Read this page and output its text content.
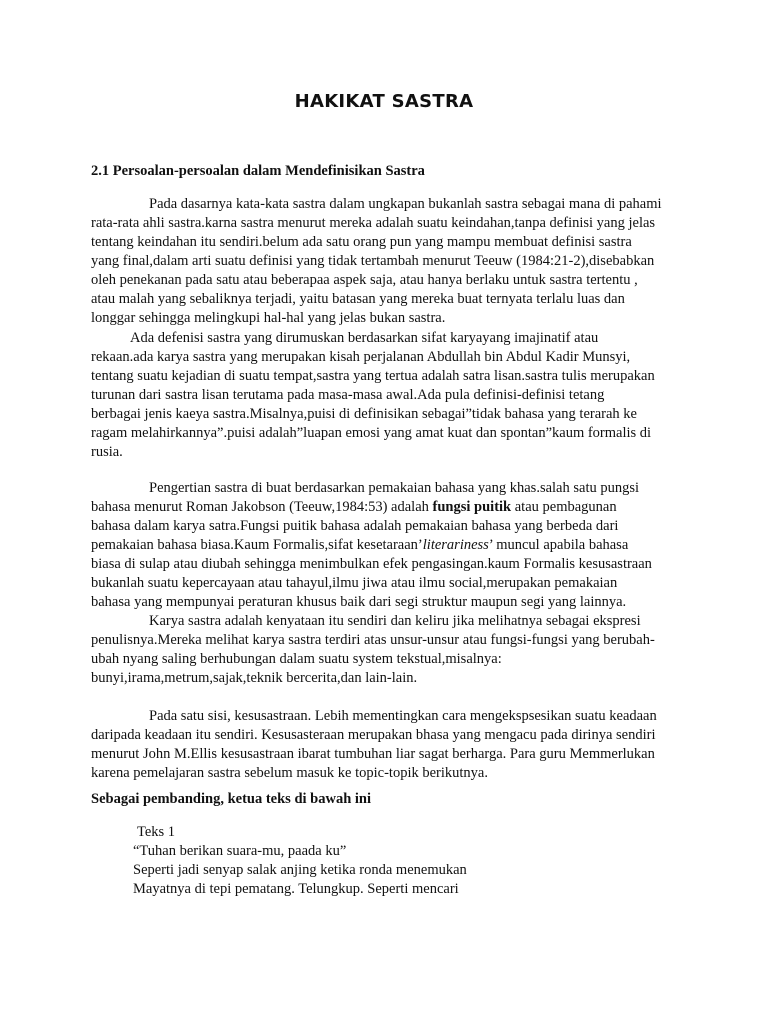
HAKIKAT SASTRA
2.1 Persoalan-persoalan dalam Mendefinisikan Sastra
Pada dasarnya kata-kata sastra dalam ungkapan bukanlah sastra sebagai mana di pahami
rata-rata ahli sastra.karna sastra menurut mereka adalah suatu keindahan,tanpa definisi yang jelas
tentang keindahan itu sendiri.belum ada satu orang pun yang mampu membuat definisi sastra
yang final,dalam arti suatu definisi yang tidak tertambah menurut Teeuw (1984:21-2),disebabkan
oleh penekanan pada satu atau beberapaa aspek saja, atau hanya berlaku untuk sastra tertentu ,
atau malah yang sebaliknya terjadi, yaitu batasan yang mereka buat ternyata terlalu luas dan
longgar sehingga melingkupi hal-hal yang jelas bukan sastra.
Ada defenisi sastra yang dirumuskan berdasarkan sifat karyayang imajinatif atau
rekaan.ada karya sastra yang merupakan kisah perjalanan Abdullah bin Abdul Kadir Munsyi,
tentang suatu kejadian di suatu tempat,sastra yang tertua adalah satra lisan.sastra tulis merupakan
turunan dari sastra lisan terutama pada masa-masa awal.Ada pula definisi-definisi tetang
berbagai jenis kaeya sastra.Misalnya,puisi di definisikan sebagai”tidak bahasa yang terarah ke
ragam melahirkannya”.puisi adalah”luapan emosi yang amat kuat dan spontan”kaum formalis di
rusia.
Pengertian sastra di buat berdasarkan pemakaian bahasa yang khas.salah satu pungsi
bahasa menurut Roman Jakobson (Teeuw,1984:53) adalah fungsi puitik atau pembagunan
bahasa dalam karya satra.Fungsi puitik bahasa adalah pemakaian bahasa yang berbeda dari
pemakaian bahasa biasa.Kaum Formalis,sifat kesetaraan’literariness’ muncul apabila bahasa
biasa di sulap atau diubah sehingga menimbulkan efek pengasingan.kaum Formalis kesusastraan
bukanlah suatu kepercayaan atau tahayul,ilmu jiwa atau ilmu social,merupakan pemakaian
bahasa yang mempunyai peraturan khusus baik dari segi struktur maupun segi yang lainnya.
Karya sastra adalah kenyataan itu sendiri dan keliru jika melihatnya sebagai ekspresi
penulisnya.Mereka melihat karya sastra terdiri atas unsur-unsur atau fungsi-fungsi yang berubah-
ubah nyang saling berhubungan dalam suatu system tekstual,misalnya:
bunyi,irama,metrum,sajak,teknik bercerita,dan lain-lain.
Pada satu sisi, kesusastraan. Lebih mementingkan cara mengekspsesikan suatu keadaan
daripada keadaan itu sendiri. Kesusasteraan merupakan bhasa yang mengacu pada dirinya sendiri
menurut John M.Ellis kesusastraan ibarat tumbuhan liar sagat berharga. Para guru Memmerlukan
karena pemelajaran sastra sebelum masuk ke topic-topik berikutnya.
Sebagai pembanding, ketua teks di bawah ini
Teks 1
“Tuhan berikan suara-mu, paada ku”
Seperti jadi senyap salak anjing ketika ronda menemukan
Mayatnya di tepi pematang. Telungkup. Seperti mencari
